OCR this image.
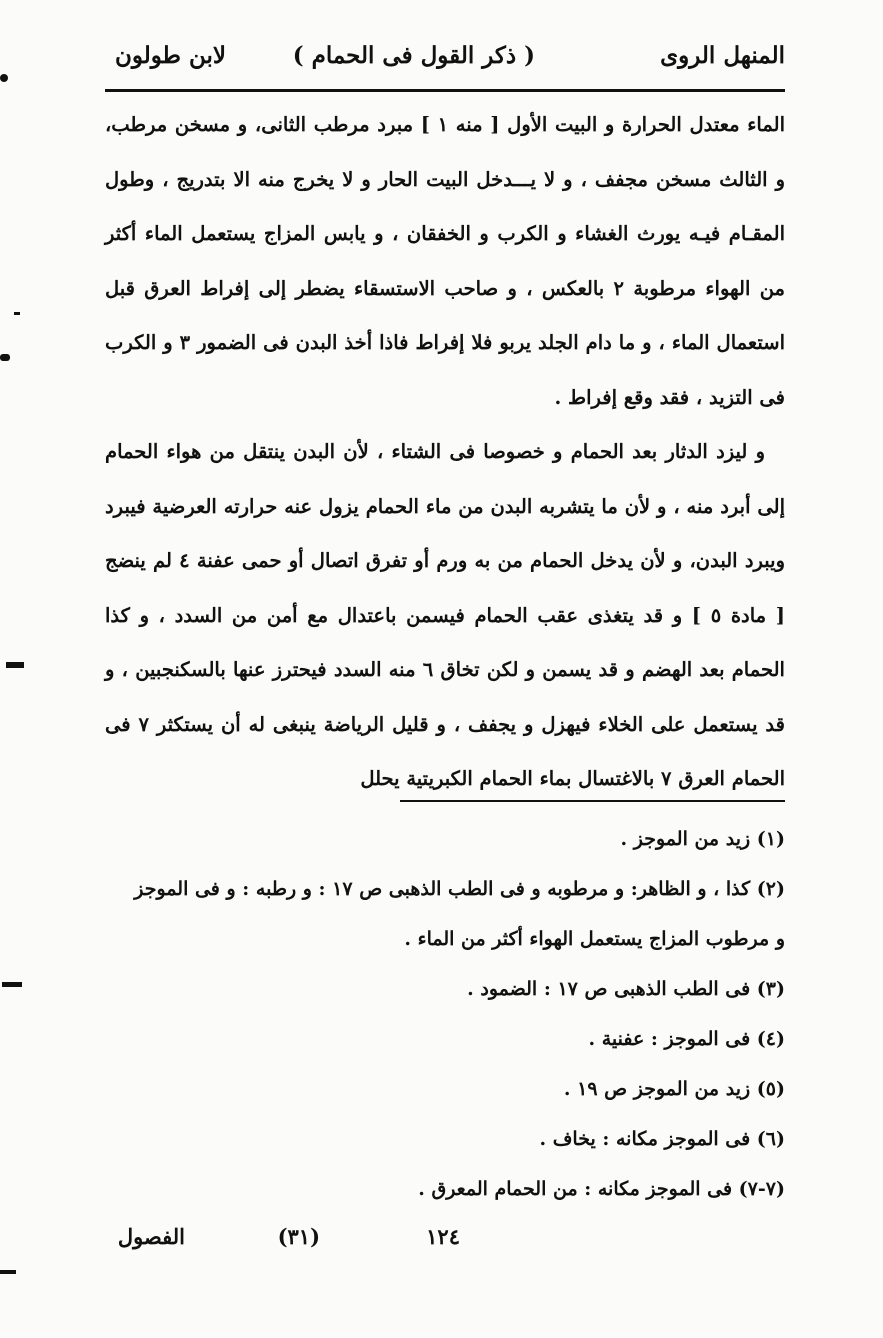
المنهل الروى
( ذكر القول فى الحمام )
لابن طولون

الماء معتدل الحرارة و البيت الأول [ منه ١ ] مبرد مرطب الثانى، و مسخن مرطب، و الثالث مسخن مجفف ، و لا يـــدخل البيت الحار و لا يخرج منه الا بتدريج ، وطول المقـام فيـه يورث الغشاء و الكرب و الخفقان ، و يابس المزاج يستعمل الماء أكثر من الهواء مرطوبة ٢ بالعكس ، و صاحب الاستسقاء يضطر إلى إفراط العرق قبل استعمال الماء ، و ما دام الجلد يربو فلا إفراط فاذا أخذ البدن فى الضمور ٣ و الكرب فى التزيد ، فقد وقع إفراط .

و ليزد الدثار بعد الحمام و خصوصا فى الشتاء ، لأن البدن ينتقل من هواء الحمام إلى أبرد منه ، و لأن ما يتشربه البدن من ماء الحمام يزول عنه حرارته العرضية فيبرد ويبرد البدن، و لأن يدخل الحمام من به ورم أو تفرق اتصال أو حمى عفنة ٤ لم ينضج [ مادة ٥ ] و قد يتغذى عقب الحمام فيسمن باعتدال مع أمن من السدد ، و كذا الحمام بعد الهضم و قد يسمن و لكن تخاق ٦ منه السدد فيحترز عنها بالسكنجبين ، و قد يستعمل على الخلاء فيهزل و يجفف ، و قليل الرياضة ينبغى له أن يستكثر ٧ فى الحمام العرق ٧ بالاغتسال بماء الحمام الكبريتية يحلل

(١) زيد من الموجز .
(٢) كذا ، و الظاهر: و مرطوبه و فى الطب الذهبى ص ١٧ : و رطبه : و فى الموجز
و مرطوب المزاج يستعمل الهواء أكثر من الماء .
(٣) فى الطب الذهبى ص ١٧ : الضمود .
(٤) فى الموجز : عفنية .
(٥) زيد من الموجز ص ١٩ .
(٦) فى الموجز مكانه : يخاف .
(٧-٧) فى الموجز مكانه : من الحمام المعرق .
١٢٤
(٣١)
الفصول
